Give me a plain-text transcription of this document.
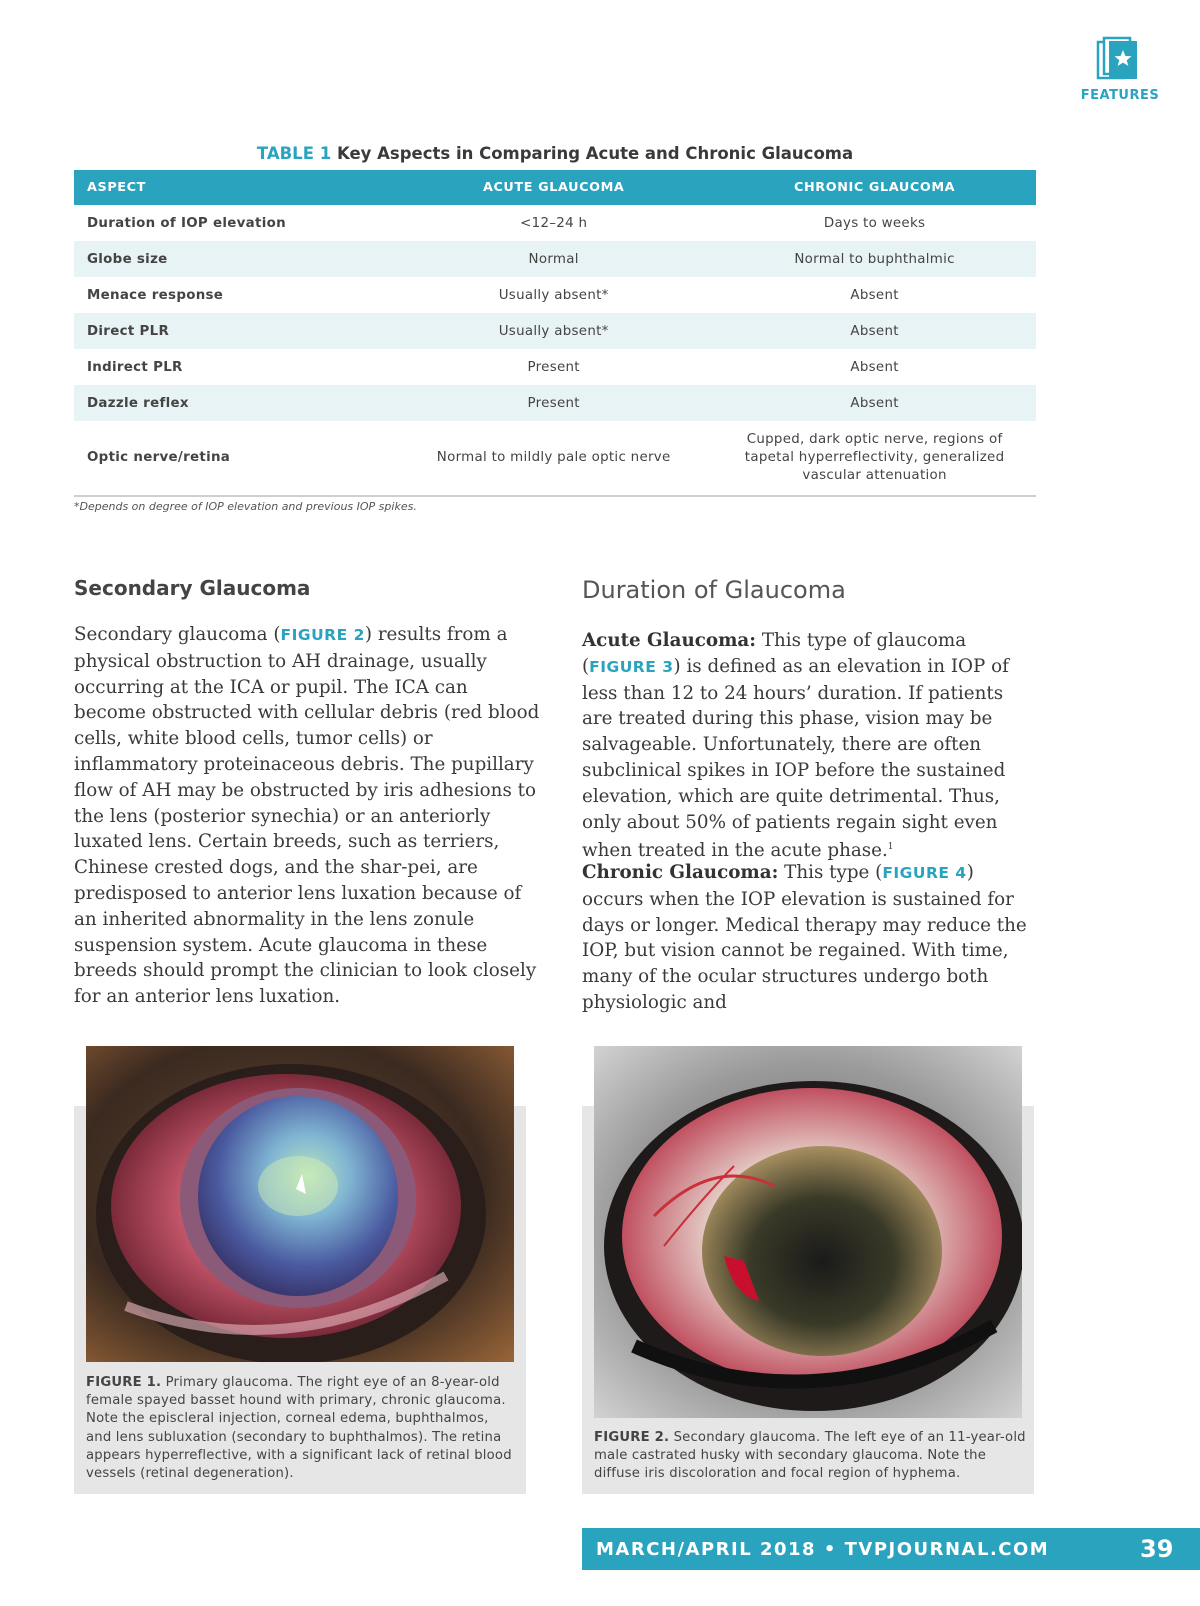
FEATURES
TABLE 1 Key Aspects in Comparing Acute and Chronic Glaucoma
ASPECT	ACUTE GLAUCOMA	CHRONIC GLAUCOMA
Duration of IOP elevation	<12–24 h	Days to weeks
Globe size	Normal	Normal to buphthalmic
Menace response	Usually absent*	Absent
Direct PLR	Usually absent*	Absent
Indirect PLR	Present	Absent
Dazzle reflex	Present	Absent
Optic nerve/retina	Normal to mildly pale optic nerve	Cupped, dark optic nerve, regions of tapetal hyperreflectivity, generalized vascular attenuation
*Depends on degree of IOP elevation and previous IOP spikes.
Secondary Glaucoma
Secondary glaucoma (FIGURE 2) results from a physical obstruction to AH drainage, usually occurring at the ICA or pupil. The ICA can become obstructed with cellular debris (red blood cells, white blood cells, tumor cells) or inflammatory proteinaceous debris. The pupillary flow of AH may be obstructed by iris adhesions to the lens (posterior synechia) or an anteriorly luxated lens. Certain breeds, such as terriers, Chinese crested dogs, and the shar-pei, are predisposed to anterior lens luxation because of an inherited abnormality in the lens zonule suspension system. Acute glaucoma in these breeds should prompt the clinician to look closely for an anterior lens luxation.
Duration of Glaucoma
Acute Glaucoma: This type of glaucoma (FIGURE 3) is defined as an elevation in IOP of less than 12 to 24 hours’ duration. If patients are treated during this phase, vision may be salvageable. Unfortunately, there are often subclinical spikes in IOP before the sustained elevation, which are quite detrimental. Thus, only about 50% of patients regain sight even when treated in the acute phase.$^1$
Chronic Glaucoma: This type (FIGURE 4) occurs when the IOP elevation is sustained for days or longer. Medical therapy may reduce the IOP, but vision cannot be regained. With time, many of the ocular structures undergo both physiologic and
FIGURE 1. Primary glaucoma. The right eye of an 8-year-old female spayed basset hound with primary, chronic glaucoma. Note the episcleral injection, corneal edema, buphthalmos, and lens subluxation (secondary to buphthalmos). The retina appears hyperreflective, with a significant lack of retinal blood vessels (retinal degeneration).
FIGURE 2. Secondary glaucoma. The left eye of an 11-year-old male castrated husky with secondary glaucoma. Note the diffuse iris discoloration and focal region of hyphema.
MARCH/APRIL 2018 • TVPJOURNAL.COM	39
